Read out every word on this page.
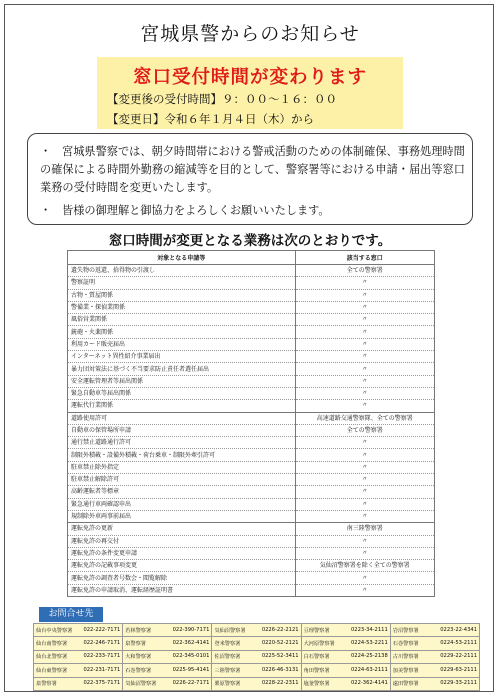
宮城県警からのお知らせ
窓口受付時間が変わります
【変更後の受付時間】９：００～１６：００
【変更日】令和６年１月４日（木）から
・ 宮城県警察では、朝夕時間帯における警戒活動のための体制確保、事務処理時間の確保による時間外勤務の縮減等を目的として、警察署等における申請・届出等窓口業務の受付時間を変更いたします。
・ 皆様の御理解と御協力をよろしくお願いいたします。
窓口時間が変更となる業務は次のとおりです。
対象となる申請等	該当する窓口
遺失物の返還、拾得物の引渡し	全ての警察署
警察証明	〃
古物・質屋関係	〃
警備業・探偵業関係	〃
風俗営業関係	〃
銃砲・火薬関係	〃
利用カード販売届出	〃
インターネット異性紹介事業届出	〃
暴力団対策法に基づく不当要求防止責任者選任届出	〃
安全運転管理者等届出関係	〃
緊急自動車等届出関係	〃
運転代行業関係	〃
道路使用許可	高速道路交通警察隊、全ての警察署
自動車の保管場所申請	全ての警察署
通行禁止道路通行許可	〃
制限外積載・設備外積載・荷台乗車・制限外牽引許可	〃
駐車禁止除外指定	〃
駐車禁止解除許可	〃
高齢運転者等標章	〃
緊急通行車両確認申出	〃
規制除外車両事前届出	〃
運転免許の更新	南三陸警察署
運転免許の再交付	〃
運転免許の条件変更申請	〃
運転免許の記載事項変更	気仙沼警察署を除く全ての警察署
運転免許の調査者号数会・閲覧解除	〃
運転免許の申請取消、運転経歴証明書	〃
お問合せ先
仙台中央警察署 022-222-7171	若林警察署 022-390-7171	気仙沼警察署 0226-22-2121	亘理警察署 0223-34-2111	岩沼警察署 0223-22-4341

仙台南警察署 022-246-7171	泉警察署 022-362-4141	登米警察署 0220-52-2121	大河原警察署 0224-53-2211	石巻警察署 0224-53-2111

仙台北警察署 022-233-7171	大和警察署 022-345-0101	佐沼警察署 0225-52-3411	白石警察署 0224-25-2138	古川警察署 0229-22-2111

仙台東警察署 022-231-7171	石巻警察署 0225-95-4141	三陸警察署 0226-46-3131	角田警察署 0224-63-2111	加美警察署 0229-63-2111

泉警察署 022-375-7171	気仙沼警察署 0226-22-7171	栗原警察署 0228-22-2311	塩釜警察署 022-362-4141	遠田警察署 0229-33-2111
